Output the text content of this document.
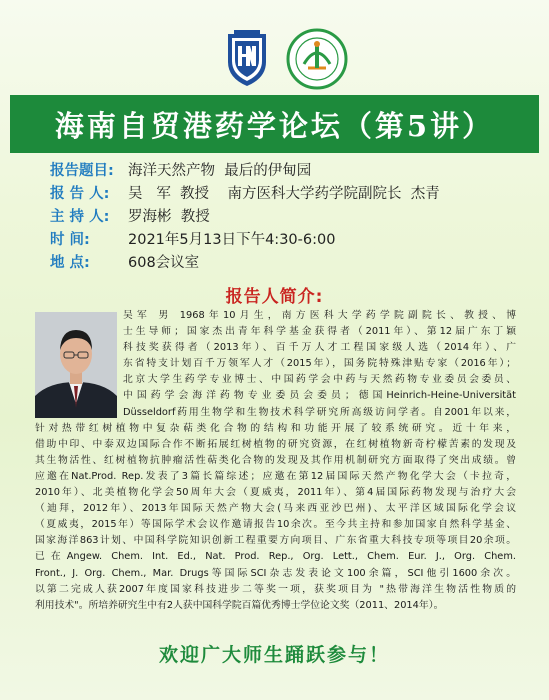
海南自贸港药学论坛（第5讲）
报告题目: 海洋天然产物  最后的伊甸园
报 告 人:	吴   军  教授    南方医科大学药学院副院长  杰青
主 持 人:	罗海彬  教授
时 间:	2021年5月13日下午4:30-6:00
地 点:	608会议室
报告人简介:
吴军 男 1968年10月生，南方医科大学药学院副院长、教授、博
士生导师；国家杰出青年科学基金获得者（2011年）、第12届广东丁颖
科技奖获得者（2013年）、百千万人才工程国家级人选（2014年）、广
东省特支计划百千万领军人才（2015年），国务院特殊津贴专家（2016年）；
北京大学生药学专业博士、中国药学会中药与天然药物专业委员会委员、
中国药学会海洋药物专业委员会委员；德国Heinrich-Heine-Universität
Düsseldorf药用生物学和生物技术科学研究所高级访问学者。自2001年以来，
针对热带红树植物中复杂萜类化合物的结构和功能开展了较系统研究。近十年来，
借助中印、中泰双边国际合作不断拓展红树植物的研究资源，在红树植物新奇柠檬苦素的发现及
其生物活性、红树植物抗肿瘤活性萜类化合物的发现及其作用机制研究方面取得了突出成绩。曾
应邀在Nat.Prod. Rep.发表了3篇长篇综述；应邀在第12届国际天然产物化学大会（卡拉奇，
2010年）、北美植物化学会50周年大会（夏威夷，2011年）、第4届国际药物发现与治疗大会
（迪拜，2012年）、2013年国际天然产物大会(马来西亚沙巴州)、太平洋区域国际化学会议
（夏威夷，2015年）等国际学术会议作邀请报告10余次。至今共主持和参加国家自然科学基金、
国家海洋863计划、中国科学院知识创新工程重要方向项目、广东省重大科技专项等项目20余项。
已在Angew. Chem. Int. Ed., Nat. Prod. Rep., Org. Lett., Chem. Eur. J., Org. Chem.
Front., J. Org. Chem., Mar. Drugs等国际SCI杂志发表论文100余篇，SCI他引1600余次。
以第二完成人获2007年度国家科技进步二等奖一项，获奖项目为 "热带海洋生物活性物质的
利用技术"。所培养研究生中有2人获中国科学院百篇优秀博士学位论文奖（2011、2014年）。
欢迎广大师生踊跃参与！
